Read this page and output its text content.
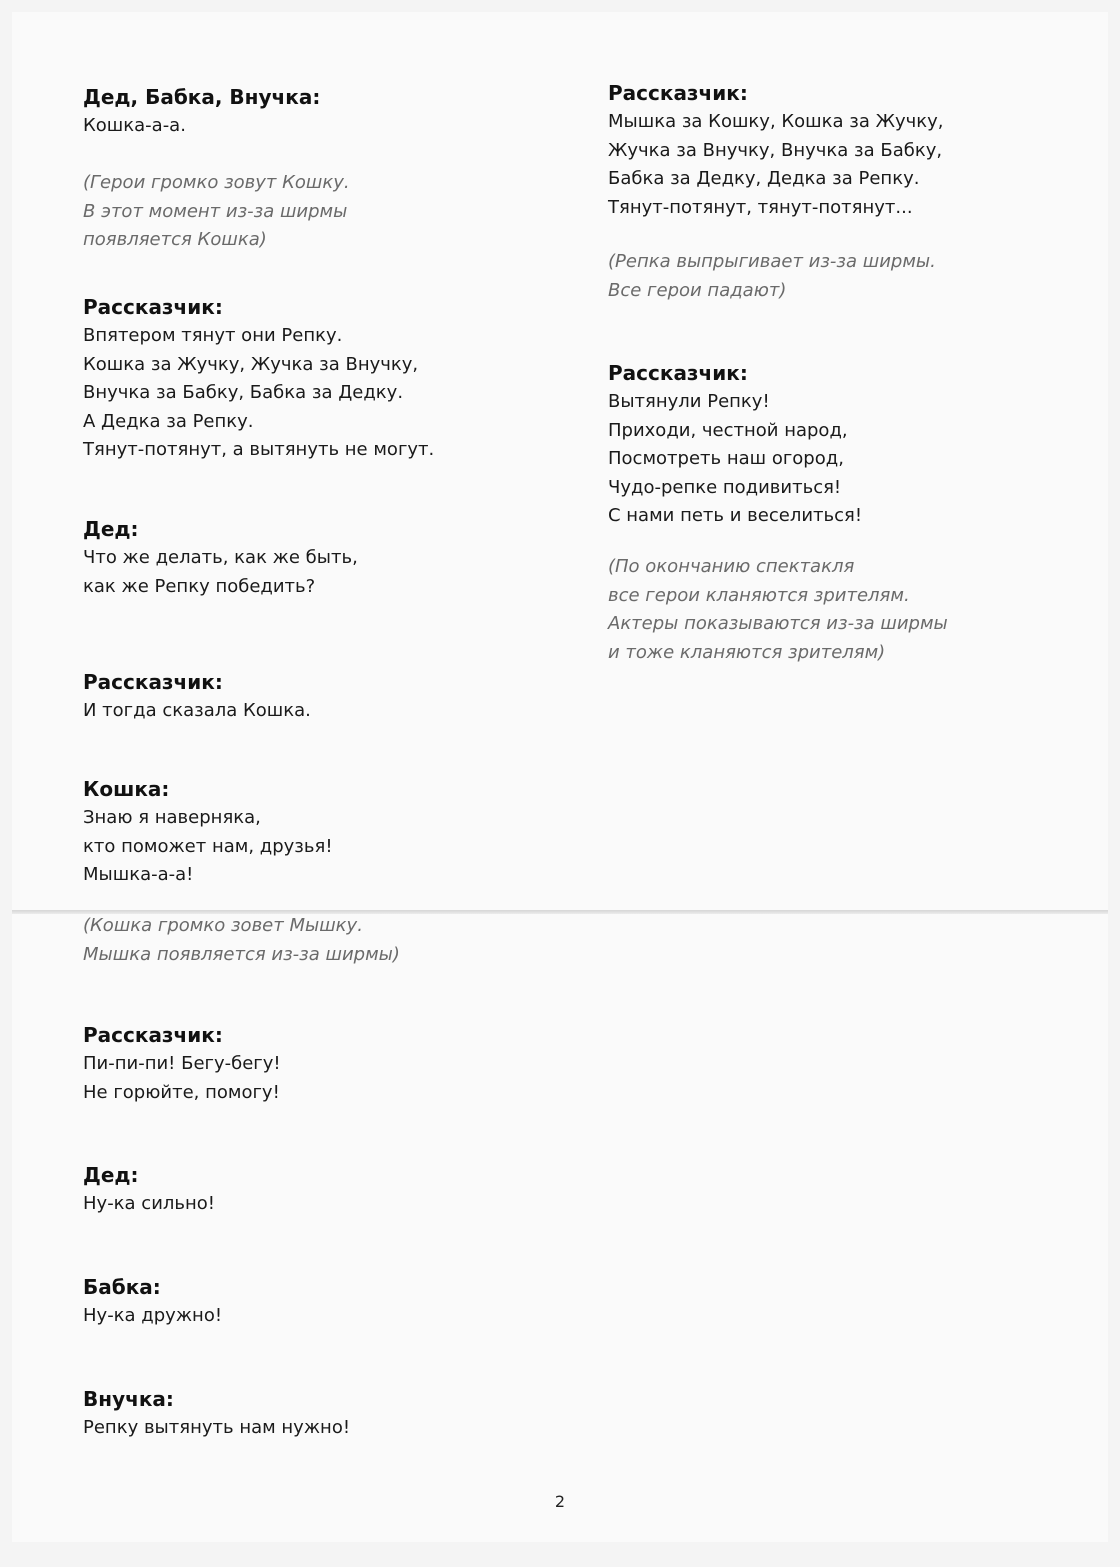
Дед, Бабка, Внучка:

Кошка-а-а.

(Герои громко зовут Кошку.

В этот момент из-за ширмы

появляется Кошка)

Рассказчик:

Впятером тянут они Репку.

Кошка за Жучку, Жучка за Внучку,

Внучка за Бабку, Бабка за Дедку.

А Дедка за Репку.

Тянут-потянут, а вытянуть не могут.

Дед:

Что же делать, как же быть,

как же Репку победить?

Рассказчик:

И тогда сказала Кошка.

Кошка:

Знаю я наверняка,

кто поможет нам, друзья!

Мышка-а-а!

(Кошка громко зовет Мышку.

Мышка появляется из-за ширмы)

Рассказчик:

Пи-пи-пи! Бегу-бегу!

Не горюйте, помогу!

Дед:

Ну-ка сильно!

Бабка:

Ну-ка дружно!

Внучка:

Репку вытянуть нам нужно!

Рассказчик:

Мышка за Кошку, Кошка за Жучку,

Жучка за Внучку, Внучка за Бабку,

Бабка за Дедку, Дедка за Репку.

Тянут-потянут, тянут-потянут...

(Репка выпрыгивает из-за ширмы.

Все герои падают)

Рассказчик:

Вытянули Репку!

Приходи, честной народ,

Посмотреть наш огород,

Чудо-репке подивиться!

С нами петь и веселиться!

(По окончанию спектакля

все герои кланяются зрителям.

Актеры показываются из-за ширмы

и тоже кланяются зрителям)

2
